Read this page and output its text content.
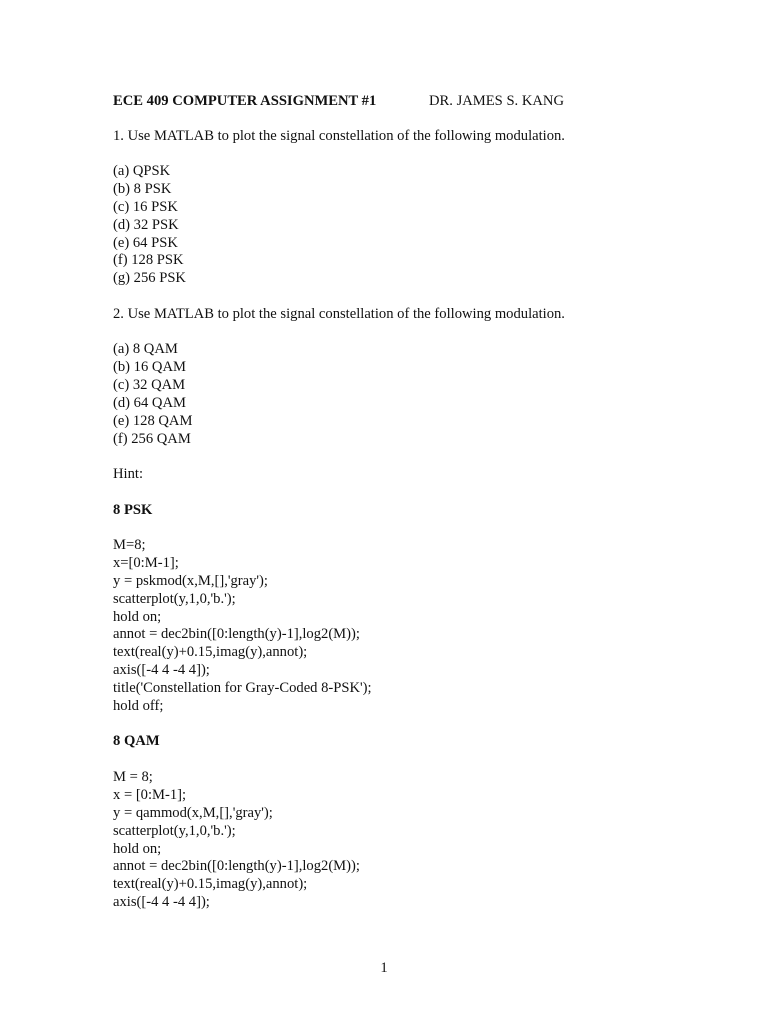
ECE 409 COMPUTER ASSIGNMENT #1	DR. JAMES S. KANG
1. Use MATLAB to plot the signal constellation of the following modulation.
(a) QPSK
(b) 8 PSK
(c) 16 PSK
(d) 32 PSK
(e) 64 PSK
(f) 128 PSK
(g) 256 PSK
2. Use MATLAB to plot the signal constellation of the following modulation.
(a) 8 QAM
(b) 16 QAM
(c) 32 QAM
(d) 64 QAM
(e) 128 QAM
(f) 256 QAM
Hint:
8 PSK
M=8;
x=[0:M-1];
y = pskmod(x,M,[],'gray');
scatterplot(y,1,0,'b.');
hold on;
annot = dec2bin([0:length(y)-1],log2(M));
text(real(y)+0.15,imag(y),annot);
axis([-4 4 -4 4]);
title('Constellation for Gray-Coded 8-PSK');
hold off;
8 QAM
M = 8;
x = [0:M-1];
y = qammod(x,M,[],'gray');
scatterplot(y,1,0,'b.');
hold on;
annot = dec2bin([0:length(y)-1],log2(M));
text(real(y)+0.15,imag(y),annot);
axis([-4 4 -4 4]);
1
